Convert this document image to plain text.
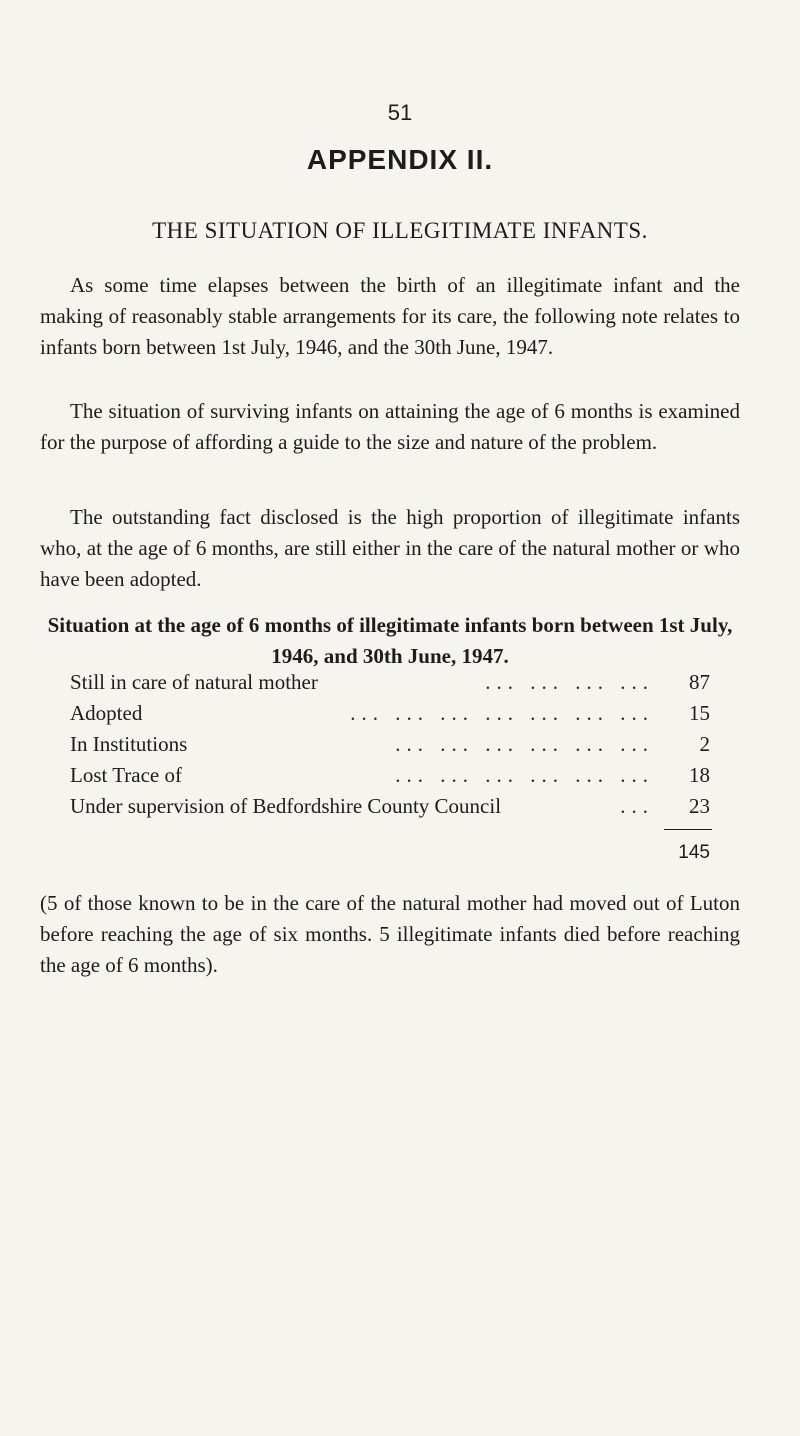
51
APPENDIX II.
THE SITUATION OF ILLEGITIMATE INFANTS.
As some time elapses between the birth of an illegitimate infant and the making of reasonably stable arrangements for its care, the following note relates to infants born between 1st July, 1946, and the 30th June, 1947.
The situation of surviving infants on attaining the age of 6 months is examined for the purpose of affording a guide to the size and nature of the problem.
The outstanding fact disclosed is the high proportion of illegitimate infants who, at the age of 6 months, are still either in the care of the natural mother or who have been adopted.
Situation at the age of 6 months of illegitimate infants born between 1st July, 1946, and 30th June, 1947.
Still in care of natural mother	... ... ... ...	87
Adopted	... ... ... ... ... ... ...	15
In Institutions	... ... ... ... ... ...	2
Lost Trace of	... ... ... ... ... ...	18
Under supervision of Bedfordshire County Council	...	23
145
(5 of those known to be in the care of the natural mother had moved out of Luton before reaching the age of six months. 5 illegitimate infants died before reaching the age of 6 months).
